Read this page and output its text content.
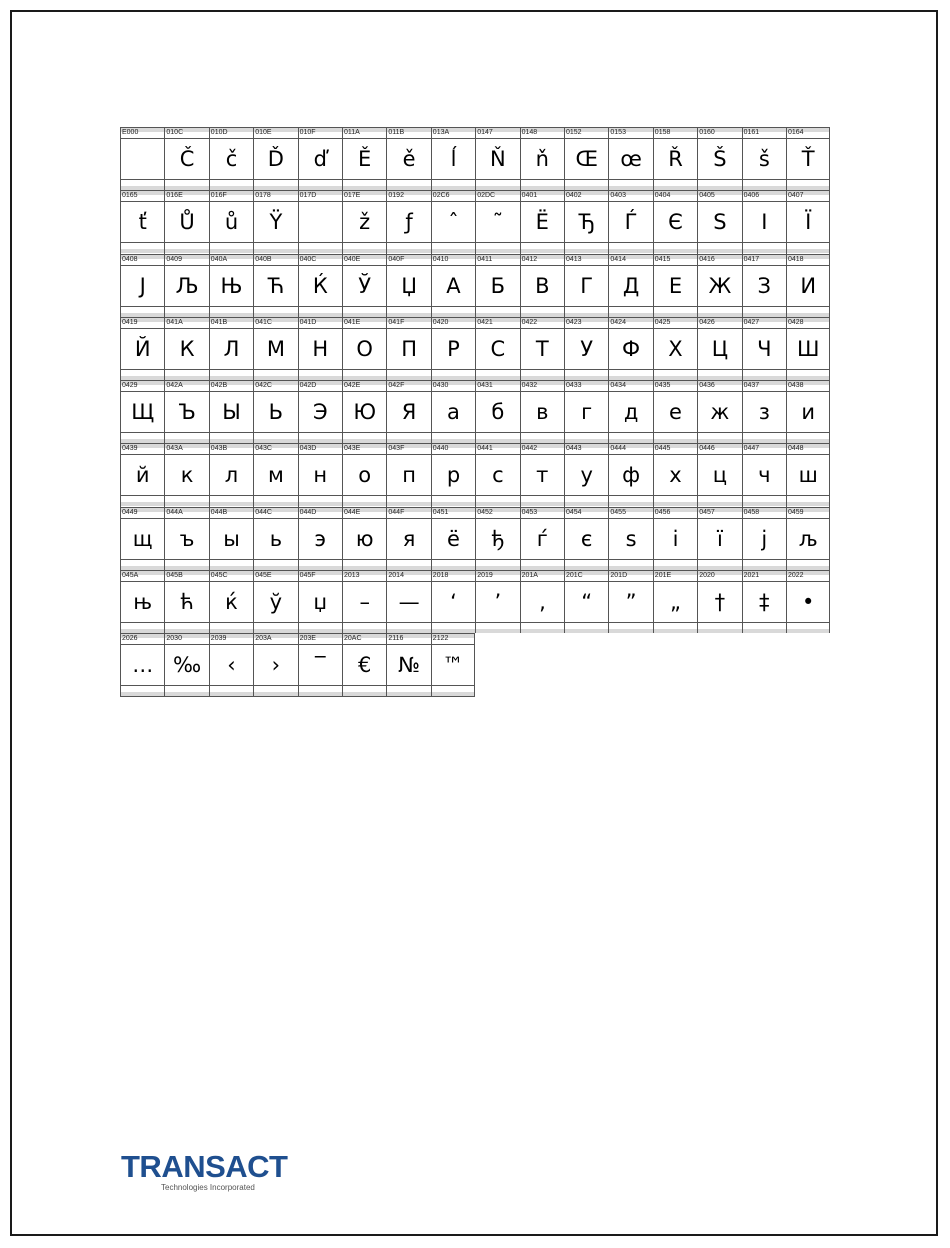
E000	010C
Č
010D
č
010E
Ď
010F
ď
011A
Ě
011B
ě
013A
ĺ
0147
Ň
0148
ň
0152
Œ
0153
œ
0158
Ř
0160
Š
0161
š
0164
Ť
0165
ť
016E
Ů
016F
ů
0178
Ÿ
017D	017E
ž
0192
ƒ
02C6
ˆ
02DC
˜
0401
Ё
0402
Ђ
0403
Ѓ
0404
Є
0405
Ѕ
0406
І
0407
Ї
0408
Ј
0409
Љ
040A
Њ
040B
Ћ
040C
Ќ
040E
Ў
040F
Џ
0410
А
0411
Б
0412
В
0413
Г
0414
Д
0415
Е
0416
Ж
0417
З
0418
И
0419
Й
041A
К
041B
Л
041C
М
041D
Н
041E
О
041F
П
0420
Р
0421
С
0422
Т
0423
У
0424
Ф
0425
Х
0426
Ц
0427
Ч
0428
Ш
0429
Щ
042A
Ъ
042B
Ы
042C
Ь
042D
Э
042E
Ю
042F
Я
0430
а
0431
б
0432
в
0433
г
0434
д
0435
е
0436
ж
0437
з
0438
и
0439
й
043A
к
043B
л
043C
м
043D
н
043E
о
043F
п
0440
р
0441
с
0442
т
0443
у
0444
ф
0445
х
0446
ц
0447
ч
0448
ш
0449
щ
044A
ъ
044B
ы
044C
ь
044D
э
044E
ю
044F
я
0451
ё
0452
ђ
0453
ѓ
0454
є
0455
ѕ
0456
і
0457
ї
0458
ј
0459
љ
045A
њ
045B
ћ
045C
ќ
045E
ў
045F
џ
2013
–
2014
—
2018
‘
2019
’
201A
‚
201C
“
201D
”
201E
„
2020
†
2021
‡
2022
•
2026
…
2030
‰
2039
‹
203A
›
203E
‾
20AC
€
2116
№
2122
™
TRANSACT
Technologies Incorporated
